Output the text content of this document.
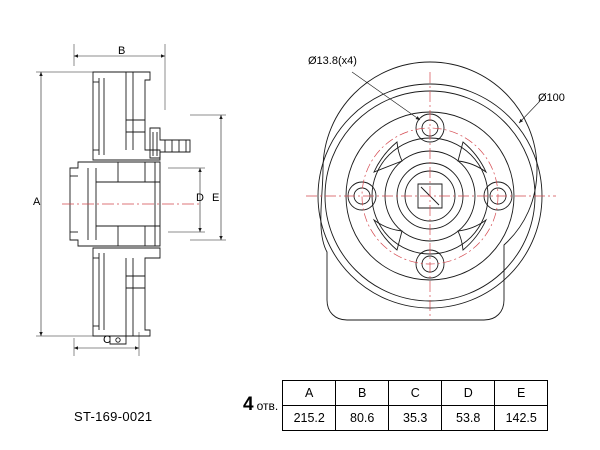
B
A
C
D E
Ø13.8(x4)
Ø100
ST-169-0021
4 отв.
A	B	C	D	E
215.2	80.6	35.3	53.8	142.5
